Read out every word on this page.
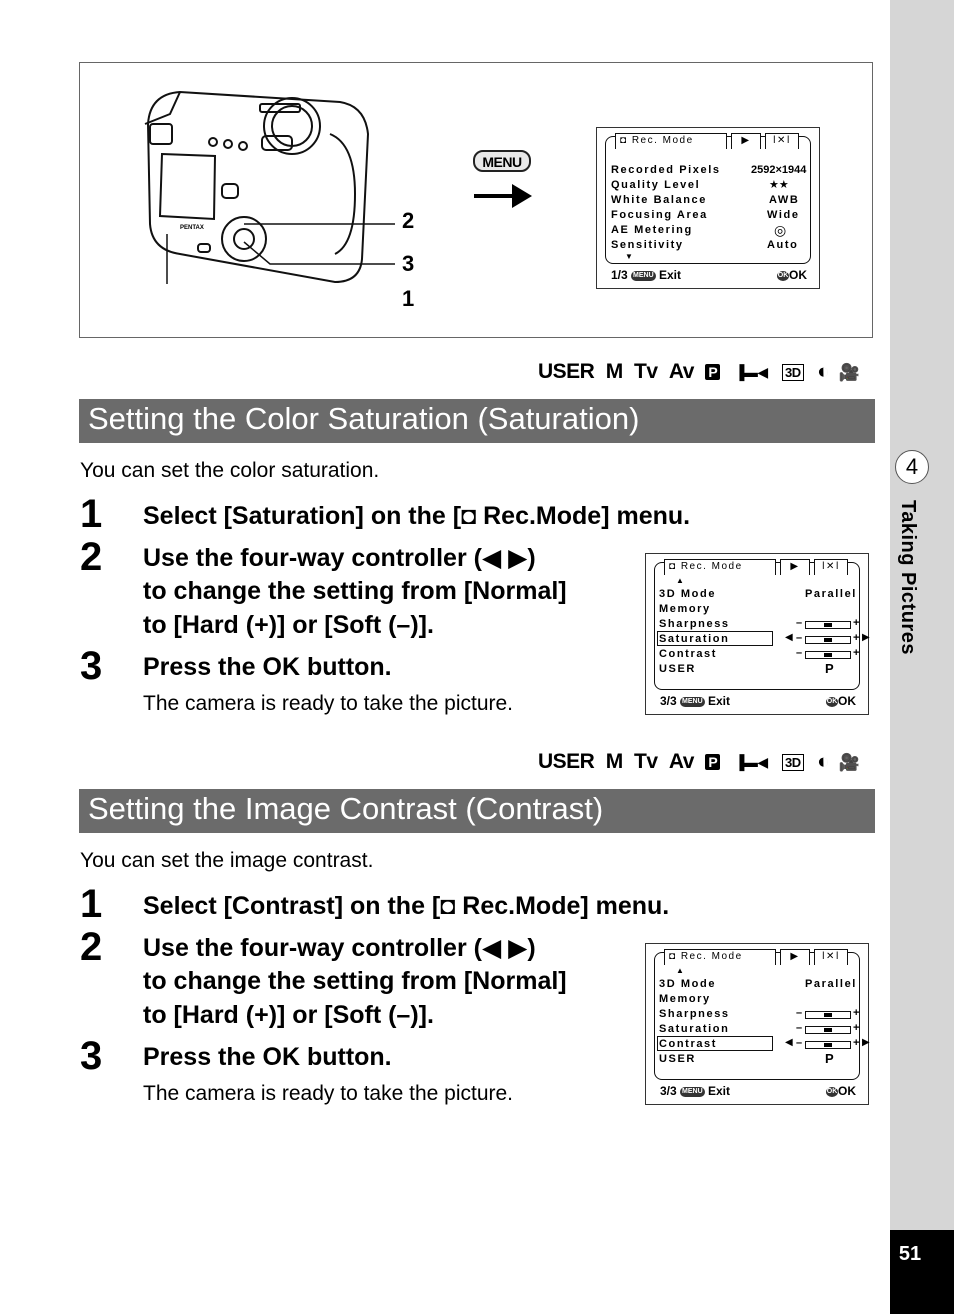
4
Taking Pictures
51
PENTAX	2
3
1
MENU
◘ Rec. Mode	▶	ǀ✕ǀ
Recorded Pixels	2592×1944
Quality Level	★★
White Balance	AWB
Focusing Area	Wide
AE Metering	◎
Sensitivity	Auto
▼
1/3 MENU Exit	OKOK
USER M Tv Av P ▐▬◀ 3D ◐ 🎥
Setting the Color Saturation (Saturation)
You can set the color saturation.
1 Select [Saturation] on the [◘ Rec.Mode] menu.
2 Use the four-way controller (◀ ▶)
to change the setting from [Normal]
to [Hard (+)] or [Soft (–)].
3 Press the OK button.
The camera is ready to take the picture.
◘ Rec. Mode	▶	ǀ✕ǀ
▲
3D Mode	Parallel
Memory
Sharpness	–	+
Saturation	◀ –	+ ▶
Contrast	–	+
USER	P
3/3 MENU Exit	OKOK
USER M Tv Av P ▐▬◀ 3D ◐ 🎥
Setting the Image Contrast (Contrast)
You can set the image contrast.
1 Select [Contrast] on the [◘ Rec.Mode] menu.
2 Use the four-way controller (◀ ▶)
to change the setting from [Normal]
to [Hard (+)] or [Soft (–)].
3 Press the OK button.
The camera is ready to take the picture.
◘ Rec. Mode	▶	ǀ✕ǀ
▲
3D Mode	Parallel
Memory
Sharpness	–	+
Saturation	–	+
Contrast	◀ –	+ ▶
USER	P
3/3 MENU Exit	OKOK
